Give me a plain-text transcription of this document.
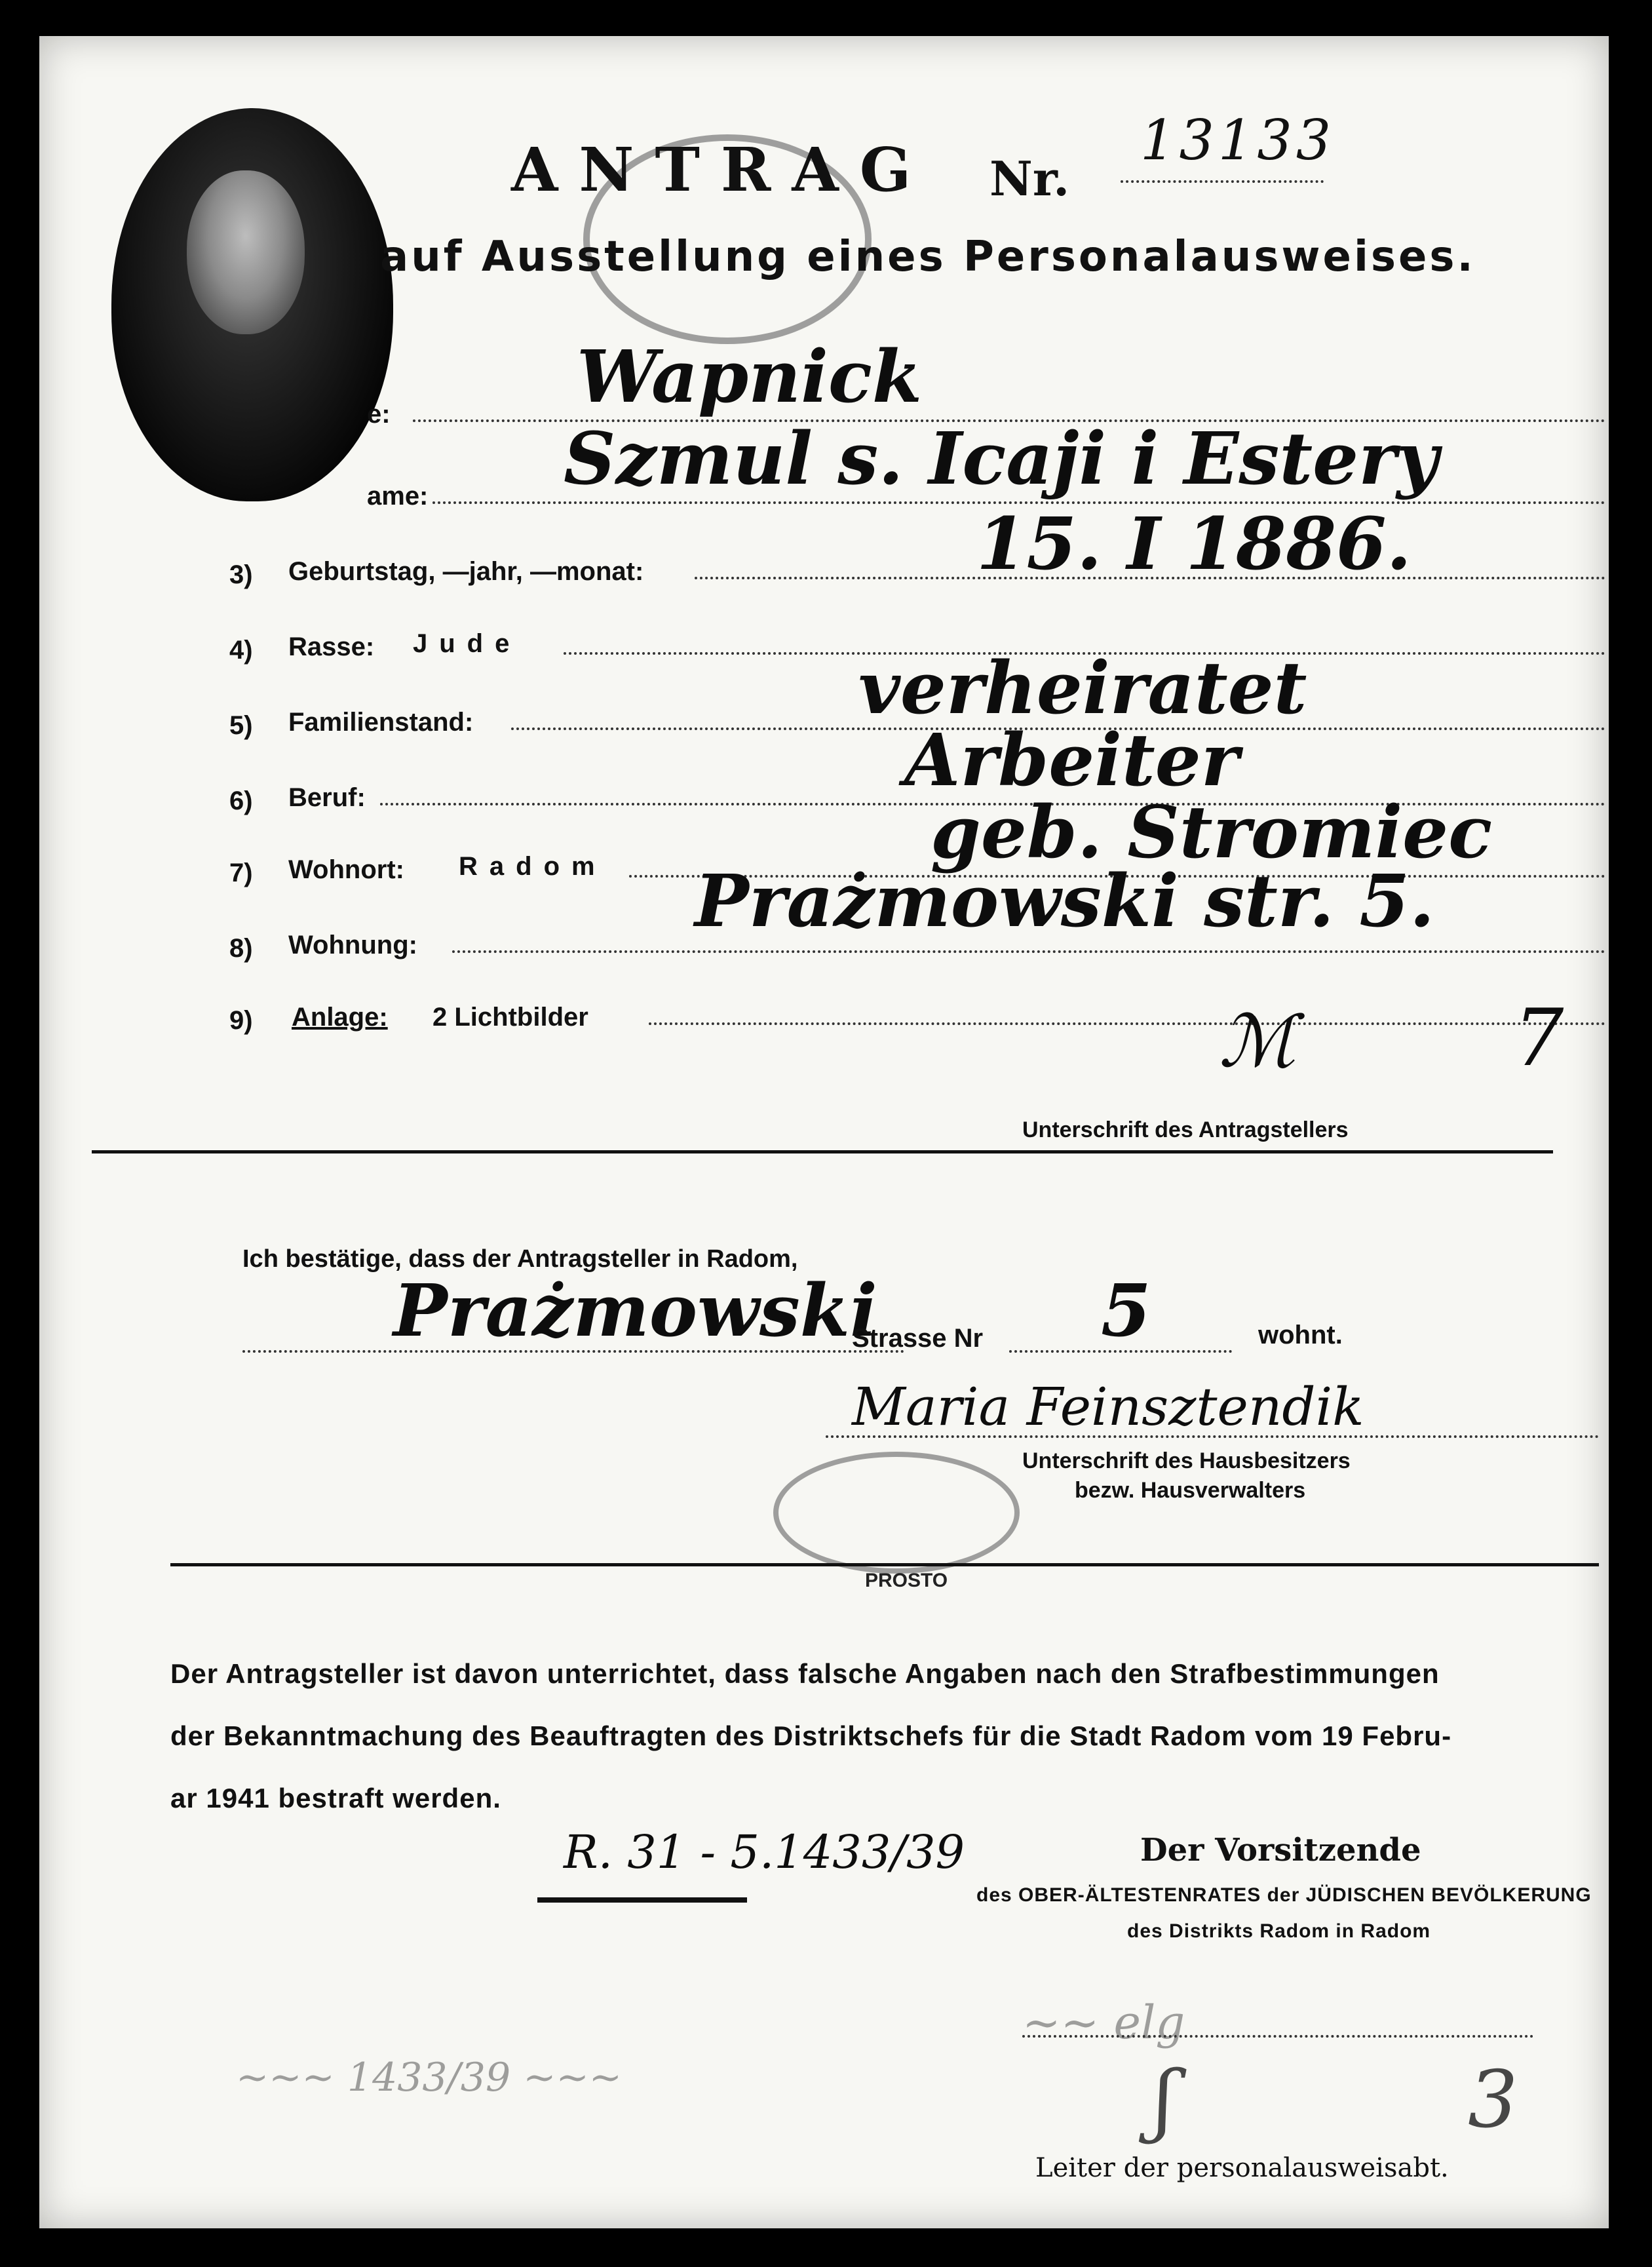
ANTRAG Nr.
13133
auf Ausstellung eines Personalausweises.
e:	Wapnick
ame: Szmul s. Icaji i Estery
3) Geburtstag, —jahr, —monat:	15. I 1886.
4) Rasse: Jude
5) Familienstand:	verheiratet
6) Beruf:	Arbeiter
7) Wohnort: Radom	geb. Stromiec
8) Wohnung:
Prażmowski str. 5.
9) Anlage: 2 Lichtbilder	ℳ	7
Unterschrift des Antragstellers
Ich bestätige, dass der Antragsteller in Radom,
Prażmowski
Strasse Nr 5	wohnt.
Maria Feinsztendik
Unterschrift des Hausbesitzers
bezw. Hausverwalters
PROSTO
Der Antragsteller ist davon unterrichtet, dass falsche Angaben nach den Strafbestimmungen
der Bekanntmachung des Beauftragten des Distriktschefs für die Stadt Radom vom 19 Febru-
ar 1941 bestraft werden.
R. 31 - 5.1433/39	Der Vorsitzende
des OBER-ÄLTESTENRATES der JÜDISCHEN BEVÖLKERUNG
des Distrikts Radom in Radom
~~ elg
~~~ 1433/39 ~~~	ʃ	3
Leiter der personalausweisabt.
